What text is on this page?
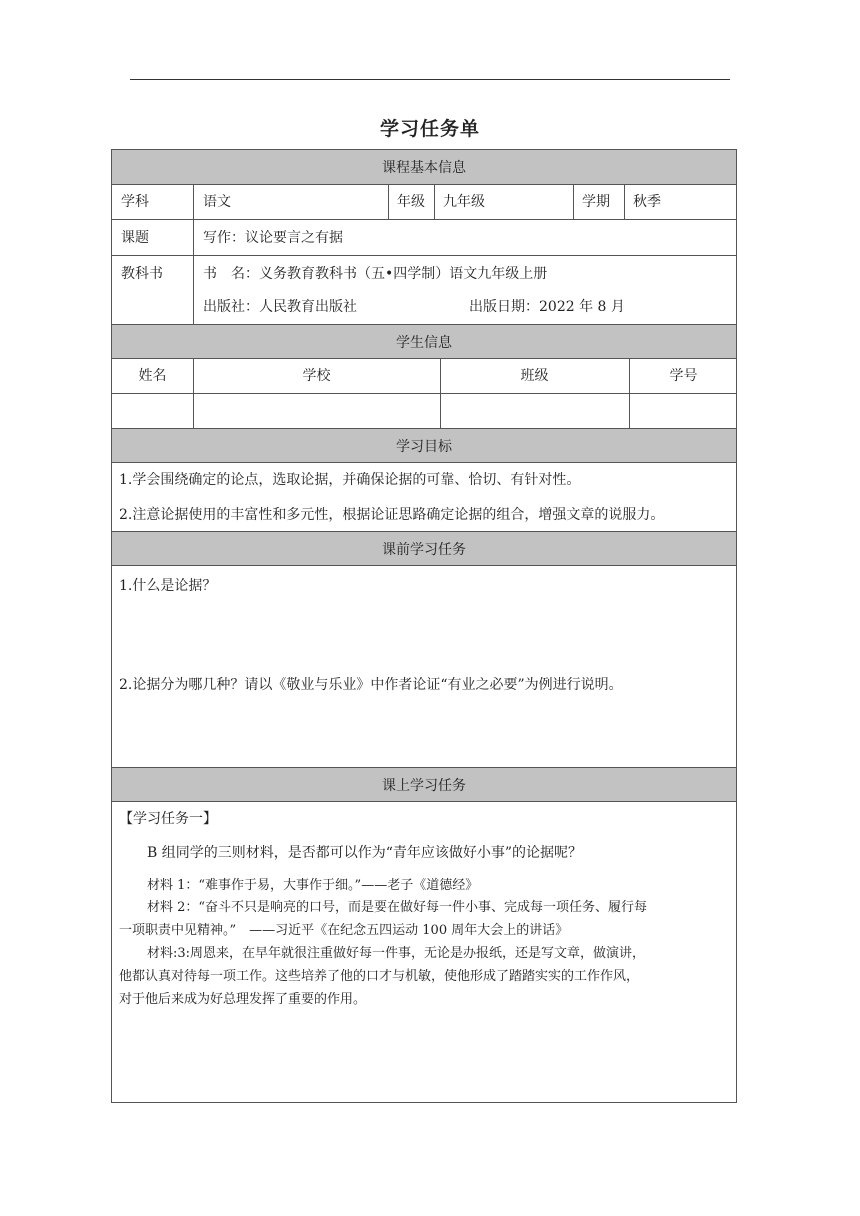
学习任务单
课程基本信息
学科	语文	年级 九年级	学期 秋季
课题	写作：议论要言之有据
教科书	书　名：义务教育教科书（五•四学制）语文九年级上册
出版社：人民教育出版社	出版日期：2022 年 8 月
学生信息
姓名	学校	班级	学号
学习目标
1.学会围绕确定的论点，选取论据，并确保论据的可靠、恰切、有针对性。
2.注意论据使用的丰富性和多元性，根据论证思路确定论据的组合，增强文章的说服力。
课前学习任务
1.什么是论据？
2.论据分为哪几种？请以《敬业与乐业》中作者论证“有业之必要”为例进行说明。
课上学习任务
【学习任务一】
B 组同学的三则材料，是否都可以作为“青年应该做好小事”的论据呢？
材料 1：“难事作于易，大事作于细。”——老子《道德经》
材料 2：“奋斗不只是响亮的口号，而是要在做好每一件小事、完成每一项任务、履行每
一项职责中见精神。”　——习近平《在纪念五四运动 100 周年大会上的讲话》
材料:3:周恩来，在早年就很注重做好每一件事，无论是办报纸，还是写文章，做演讲，
他都认真对待每一项工作。这些培养了他的口才与机敏，使他形成了踏踏实实的工作作风，
对于他后来成为好总理发挥了重要的作用。
